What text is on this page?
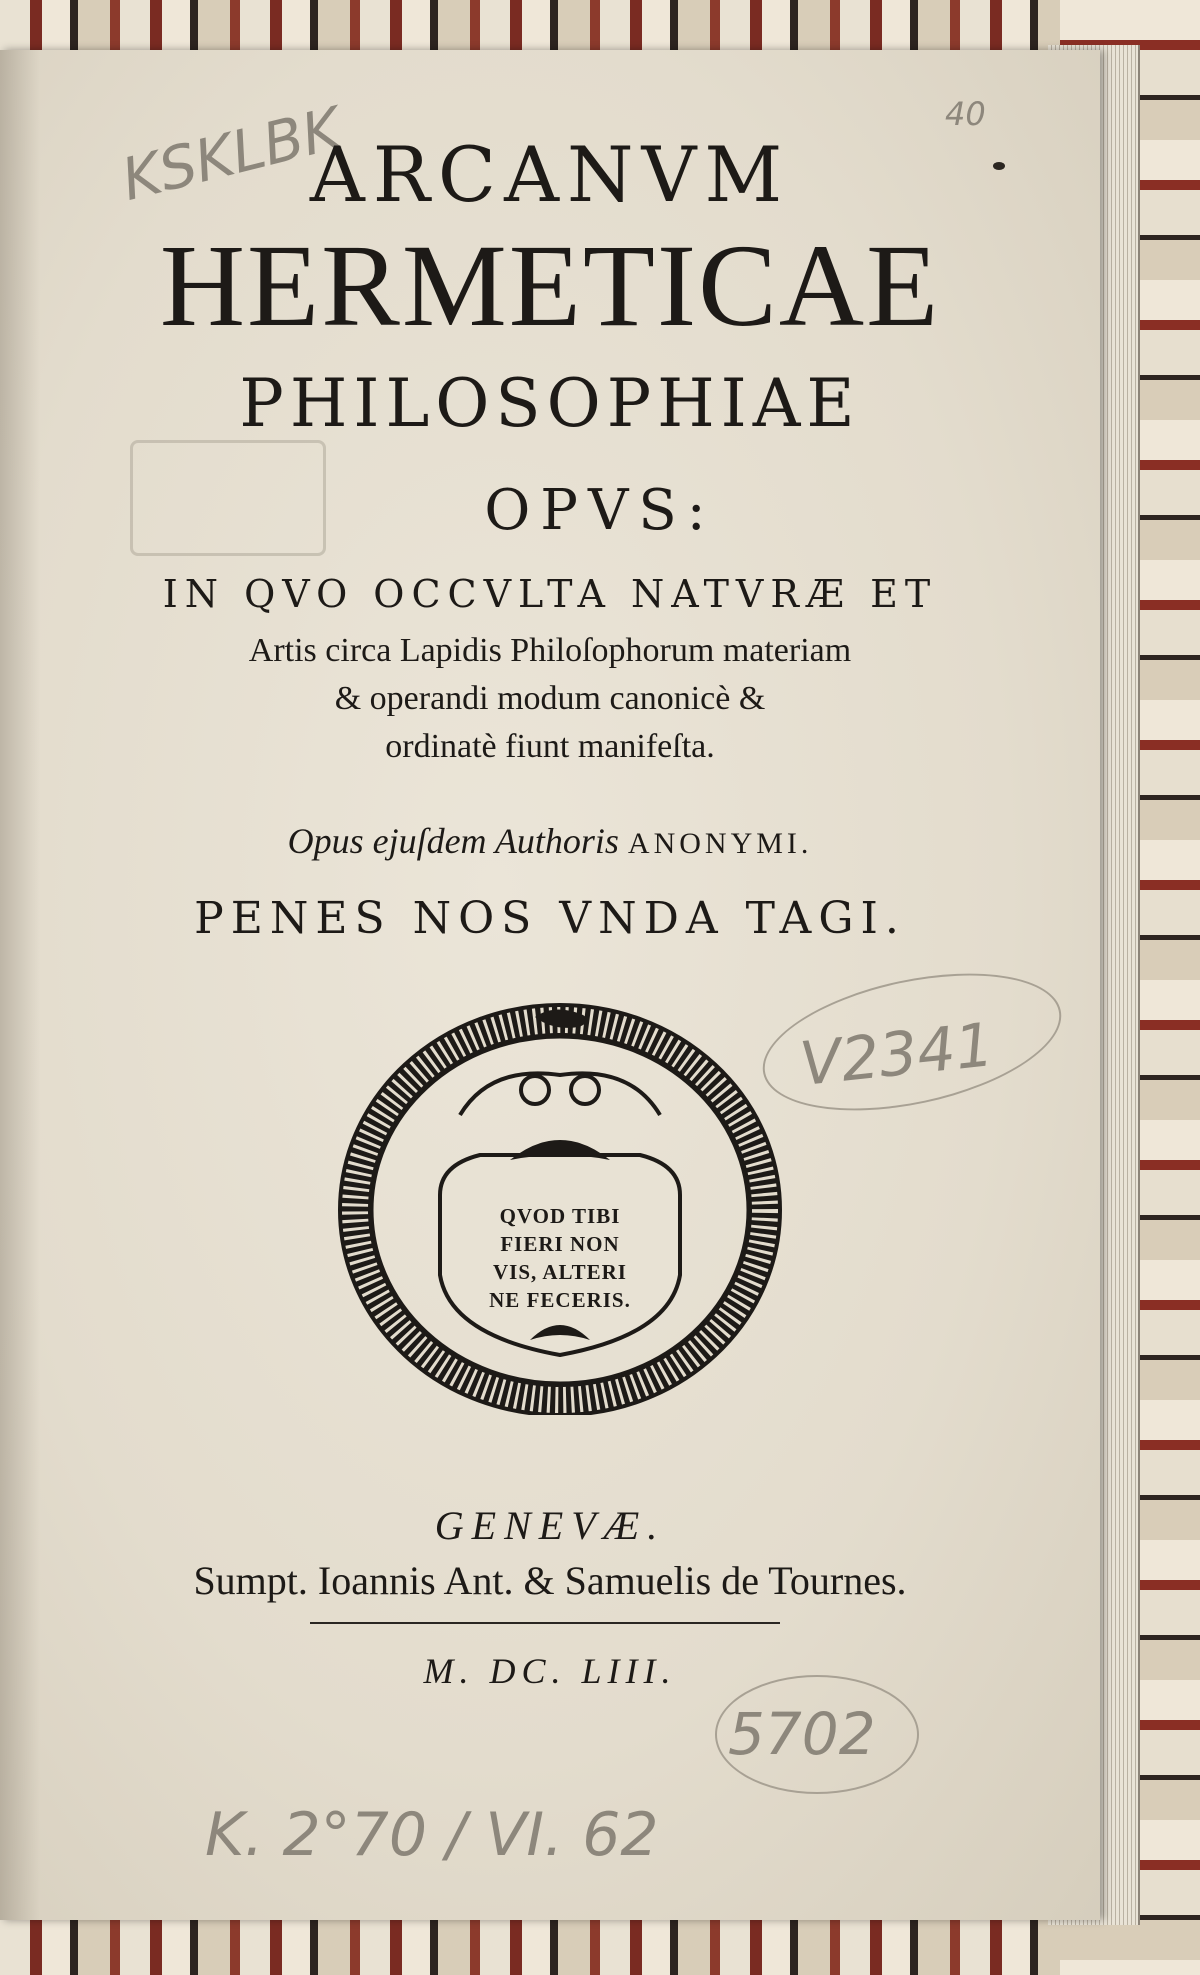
KSKLBK	40
V2341
5702
K. 2°70 / VI. 62
ARCANVM
HERMETICAE
PHILOSOPHIAE
OPVS:
IN QVO OCCVLTA NATVRÆ ET
Artis circa Lapidis Philoſophorum materiam
& operandi modum canonicè &
ordinatè fiunt manifeſta.
Opus ejuſdem Authoris ANONYMI.
PENES NOS VNDA TAGI.
QVOD TIBI
FIERI NON
VIS, ALTERI
NE FECERIS.
GENEVÆ.
Sumpt. Ioannis Ant. & Samuelis de Tournes.
M. DC. LIII.
